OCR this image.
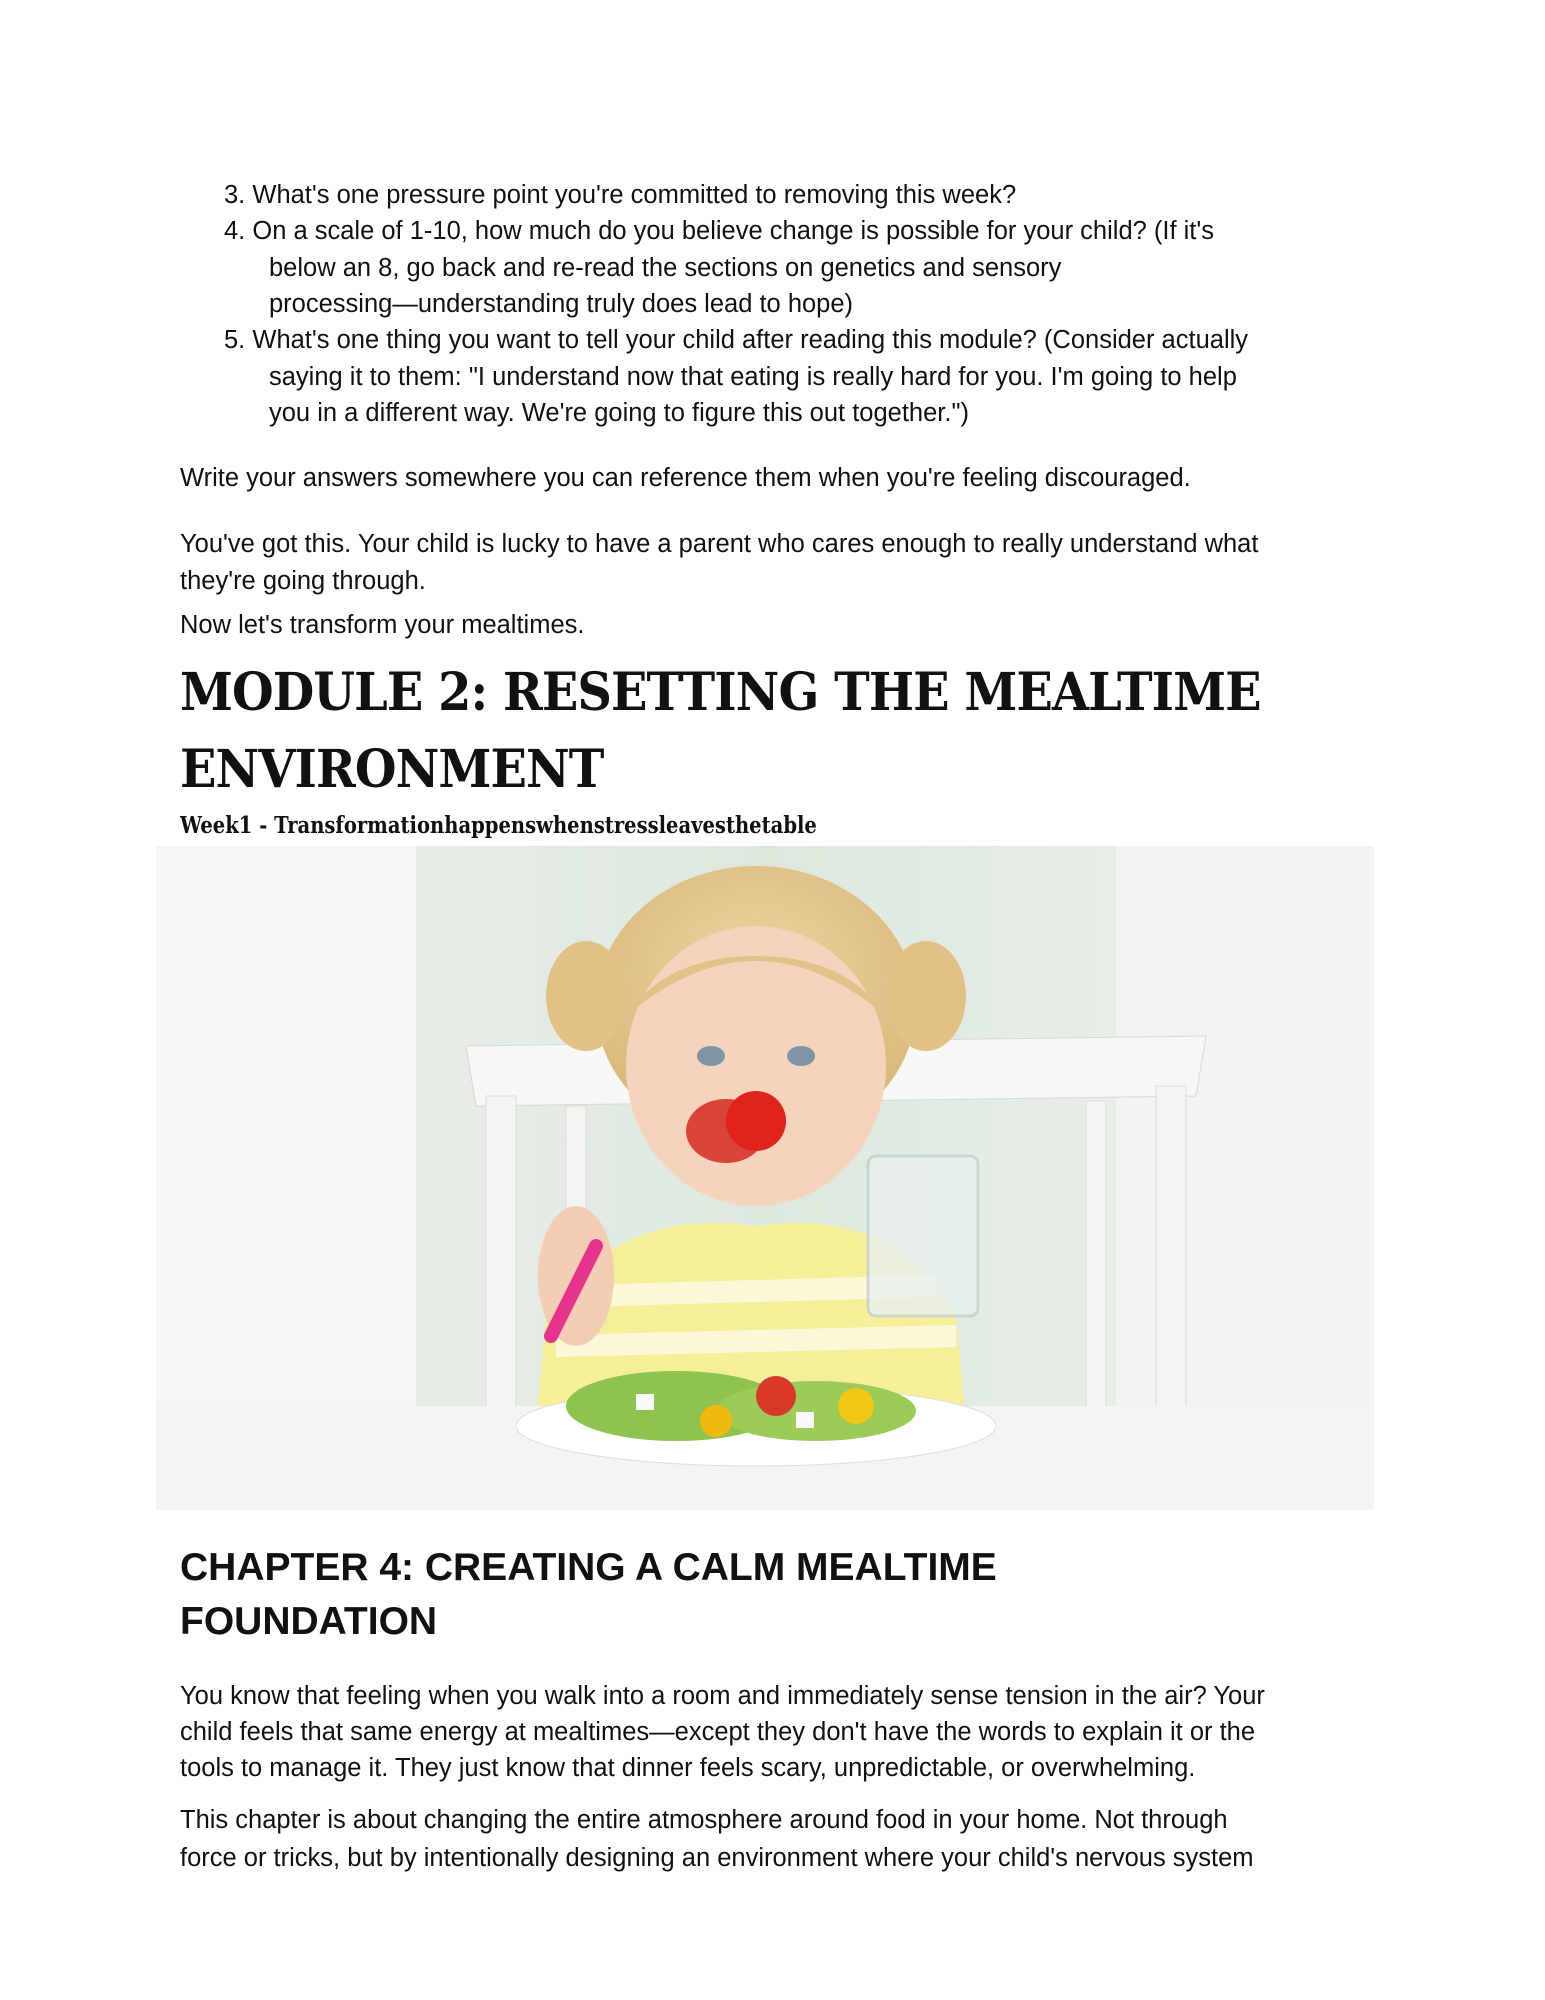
3. What's one pressure point you're committed to removing this week?
4. On a scale of 1-10, how much do you believe change is possible for your child? (If it's
below an 8, go back and re-read the sections on genetics and sensory
processing—understanding truly does lead to hope)
5. What's one thing you want to tell your child after reading this module? (Consider actually
saying it to them: "I understand now that eating is really hard for you. I'm going to help
you in a different way. We're going to figure this out together.")
Write your answers somewhere you can reference them when you're feeling discouraged.
You've got this. Your child is lucky to have a parent who cares enough to really understand what
they're going through.
Now let's transform your mealtimes.
MODULE 2: RESETTING THE MEALTIME
ENVIRONMENT
Week1 - Transformationhappenswhenstressleavesthetable
CHAPTER 4: CREATING A CALM MEALTIME
FOUNDATION
You know that feeling when you walk into a room and immediately sense tension in the air? Your
child feels that same energy at mealtimes—except they don't have the words to explain it or the
tools to manage it. They just know that dinner feels scary, unpredictable, or overwhelming.
This chapter is about changing the entire atmosphere around food in your home. Not through
force or tricks, but by intentionally designing an environment where your child's nervous system
